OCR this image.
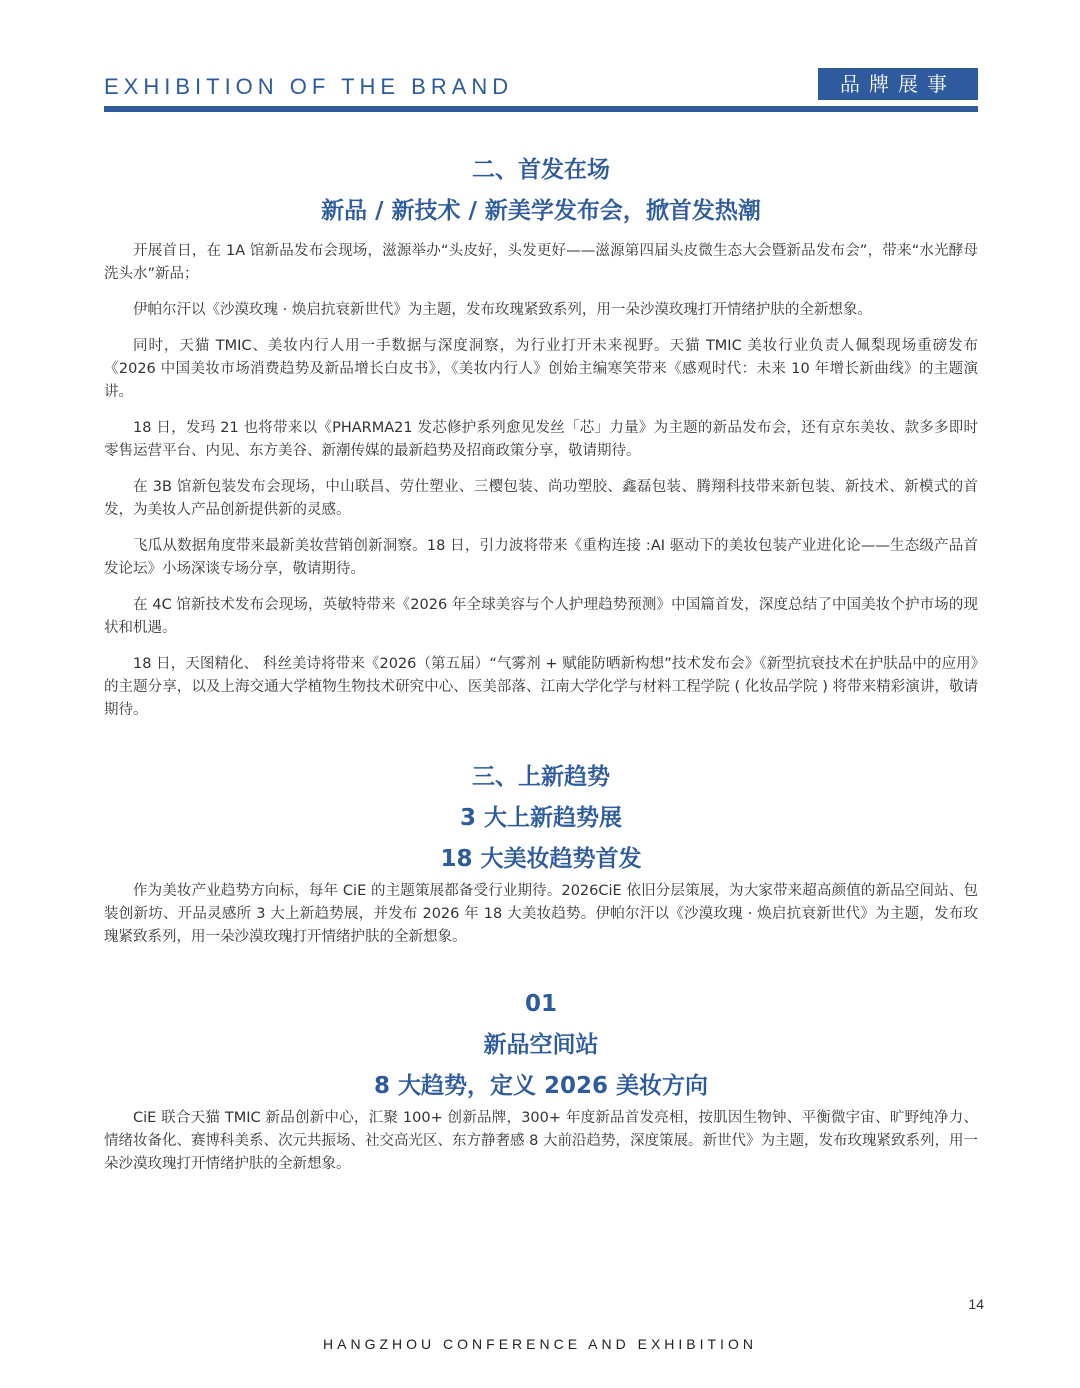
EXHIBITION OF THE BRAND	品牌展事
二、首发在场
新品 / 新技术 / 新美学发布会，掀首发热潮

开展首日，在 1A 馆新品发布会现场，滋源举办“头皮好，头发更好——滋源第四届头皮微生态大会暨新品发布会”，带来“水光酵母洗头水”新品；

伊帕尔汗以《沙漠玫瑰 · 焕启抗衰新世代》为主题，发布玫瑰紧致系列，用一朵沙漠玫瑰打开情绪护肤的全新想象。

同时，天猫 TMIC、美妆内行人用一手数据与深度洞察，为行业打开未来视野。天猫 TMIC 美妆行业负责人佩梨现场重磅发布《2026 中国美妆市场消费趋势及新品增长白皮书》，《美妆内行人》创始主编寒笑带来《感观时代：未来 10 年增长新曲线》的主题演讲。

18 日，发玛 21 也将带来以《PHARMA21 发芯修护系列愈见发丝「芯」力量》为主题的新品发布会，还有京东美妆、款多多即时零售运营平台、内见、东方美谷、新潮传媒的最新趋势及招商政策分享，敬请期待。

在 3B 馆新包装发布会现场，中山联昌、劳仕塑业、三樱包装、尚功塑胶、鑫磊包装、腾翔科技带来新包装、新技术、新模式的首发，为美妆人产品创新提供新的灵感。

飞瓜从数据角度带来最新美妆营销创新洞察。18 日，引力波将带来《重构连接 :AI 驱动下的美妆包装产业进化论——生态级产品首发论坛》小场深谈专场分享，敬请期待。

在 4C 馆新技术发布会现场，英敏特带来《2026 年全球美容与个人护理趋势预测》中国篇首发，深度总结了中国美妆个护市场的现状和机遇。

18 日，天图精化、 科丝美诗将带来《2026（第五届）“气雾剂 + 赋能防晒新构想”技术发布会》《新型抗衰技术在护肤品中的应用》的主题分享，以及上海交通大学植物生物技术研究中心、医美部落、江南大学化学与材料工程学院 ( 化妆品学院 ) 将带来精彩演讲，敬请期待。

三、上新趋势
3 大上新趋势展
18 大美妆趋势首发

作为美妆产业趋势方向标，每年 CiE 的主题策展都备受行业期待。2026CiE 依旧分层策展，为大家带来超高颜值的新品空间站、包装创新坊、开品灵感所 3 大上新趋势展，并发布 2026 年 18 大美妆趋势。伊帕尔汗以《沙漠玫瑰 · 焕启抗衰新世代》为主题，发布玫瑰紧致系列，用一朵沙漠玫瑰打开情绪护肤的全新想象。

01
新品空间站
8 大趋势，定义 2026 美妆方向

CiE 联合天猫 TMIC 新品创新中心，汇聚 100+ 创新品牌，300+ 年度新品首发亮相，按肌因生物钟、平衡微宇宙、旷野纯净力、情绪妆备化、赛博科美系、次元共振场、社交高光区、东方静奢感 8 大前沿趋势，深度策展。新世代》为主题，发布玫瑰紧致系列，用一朵沙漠玫瑰打开情绪护肤的全新想象。

14
HANGZHOU CONFERENCE AND EXHIBITION
